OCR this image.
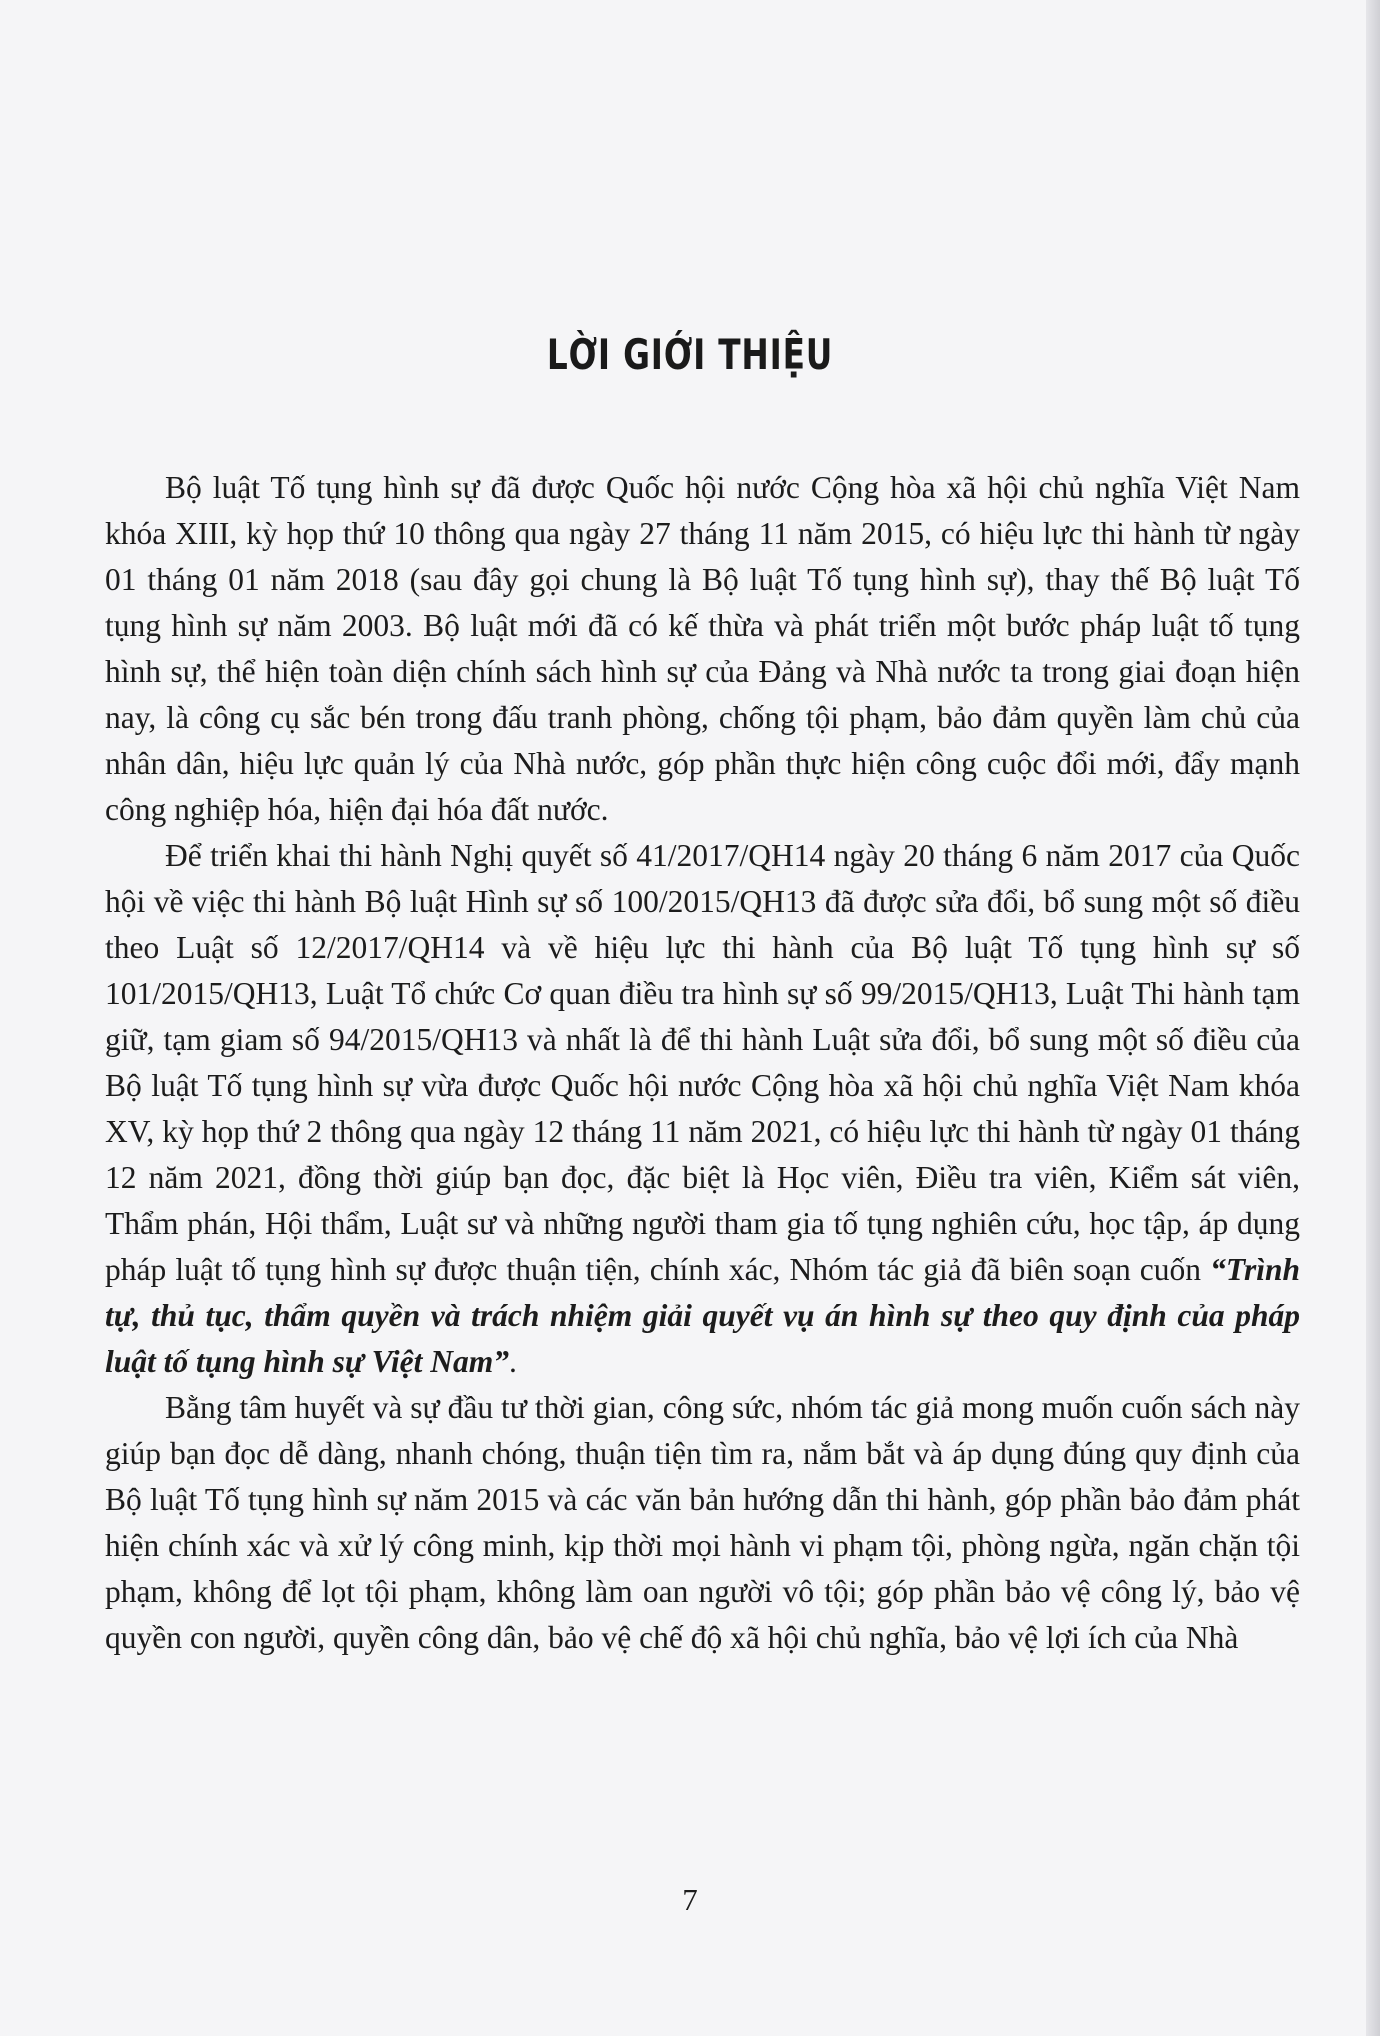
LỜI GIỚI THIỆU

Bộ luật Tố tụng hình sự đã được Quốc hội nước Cộng hòa xã hội chủ nghĩa Việt Nam khóa XIII, kỳ họp thứ 10 thông qua ngày 27 tháng 11 năm 2015, có hiệu lực thi hành từ ngày 01 tháng 01 năm 2018 (sau đây gọi chung là Bộ luật Tố tụng hình sự), thay thế Bộ luật Tố tụng hình sự năm 2003. Bộ luật mới đã có kế thừa và phát triển một bước pháp luật tố tụng hình sự, thể hiện toàn diện chính sách hình sự của Đảng và Nhà nước ta trong giai đoạn hiện nay, là công cụ sắc bén trong đấu tranh phòng, chống tội phạm, bảo đảm quyền làm chủ của nhân dân, hiệu lực quản lý của Nhà nước, góp phần thực hiện công cuộc đổi mới, đẩy mạnh công nghiệp hóa, hiện đại hóa đất nước.

Để triển khai thi hành Nghị quyết số 41/2017/QH14 ngày 20 tháng 6 năm 2017 của Quốc hội về việc thi hành Bộ luật Hình sự số 100/2015/QH13 đã được sửa đổi, bổ sung một số điều theo Luật số 12/2017/QH14 và về hiệu lực thi hành của Bộ luật Tố tụng hình sự số 101/2015/QH13, Luật Tổ chức Cơ quan điều tra hình sự số 99/2015/QH13, Luật Thi hành tạm giữ, tạm giam số 94/2015/QH13 và nhất là để thi hành Luật sửa đổi, bổ sung một số điều của Bộ luật Tố tụng hình sự vừa được Quốc hội nước Cộng hòa xã hội chủ nghĩa Việt Nam khóa XV, kỳ họp thứ 2 thông qua ngày 12 tháng 11 năm 2021, có hiệu lực thi hành từ ngày 01 tháng 12 năm 2021, đồng thời giúp bạn đọc, đặc biệt là Học viên, Điều tra viên, Kiểm sát viên, Thẩm phán, Hội thẩm, Luật sư và những người tham gia tố tụng nghiên cứu, học tập, áp dụng pháp luật tố tụng hình sự được thuận tiện, chính xác, Nhóm tác giả đã biên soạn cuốn “Trình tự, thủ tục, thẩm quyền và trách nhiệm giải quyết vụ án hình sự theo quy định của pháp luật tố tụng hình sự Việt Nam”.

Bằng tâm huyết và sự đầu tư thời gian, công sức, nhóm tác giả mong muốn cuốn sách này giúp bạn đọc dễ dàng, nhanh chóng, thuận tiện tìm ra, nắm bắt và áp dụng đúng quy định của Bộ luật Tố tụng hình sự năm 2015 và các văn bản hướng dẫn thi hành, góp phần bảo đảm phát hiện chính xác và xử lý công minh, kịp thời mọi hành vi phạm tội, phòng ngừa, ngăn chặn tội phạm, không để lọt tội phạm, không làm oan người vô tội; góp phần bảo vệ công lý, bảo vệ quyền con người, quyền công dân, bảo vệ chế độ xã hội chủ nghĩa, bảo vệ lợi ích của Nhà

7
